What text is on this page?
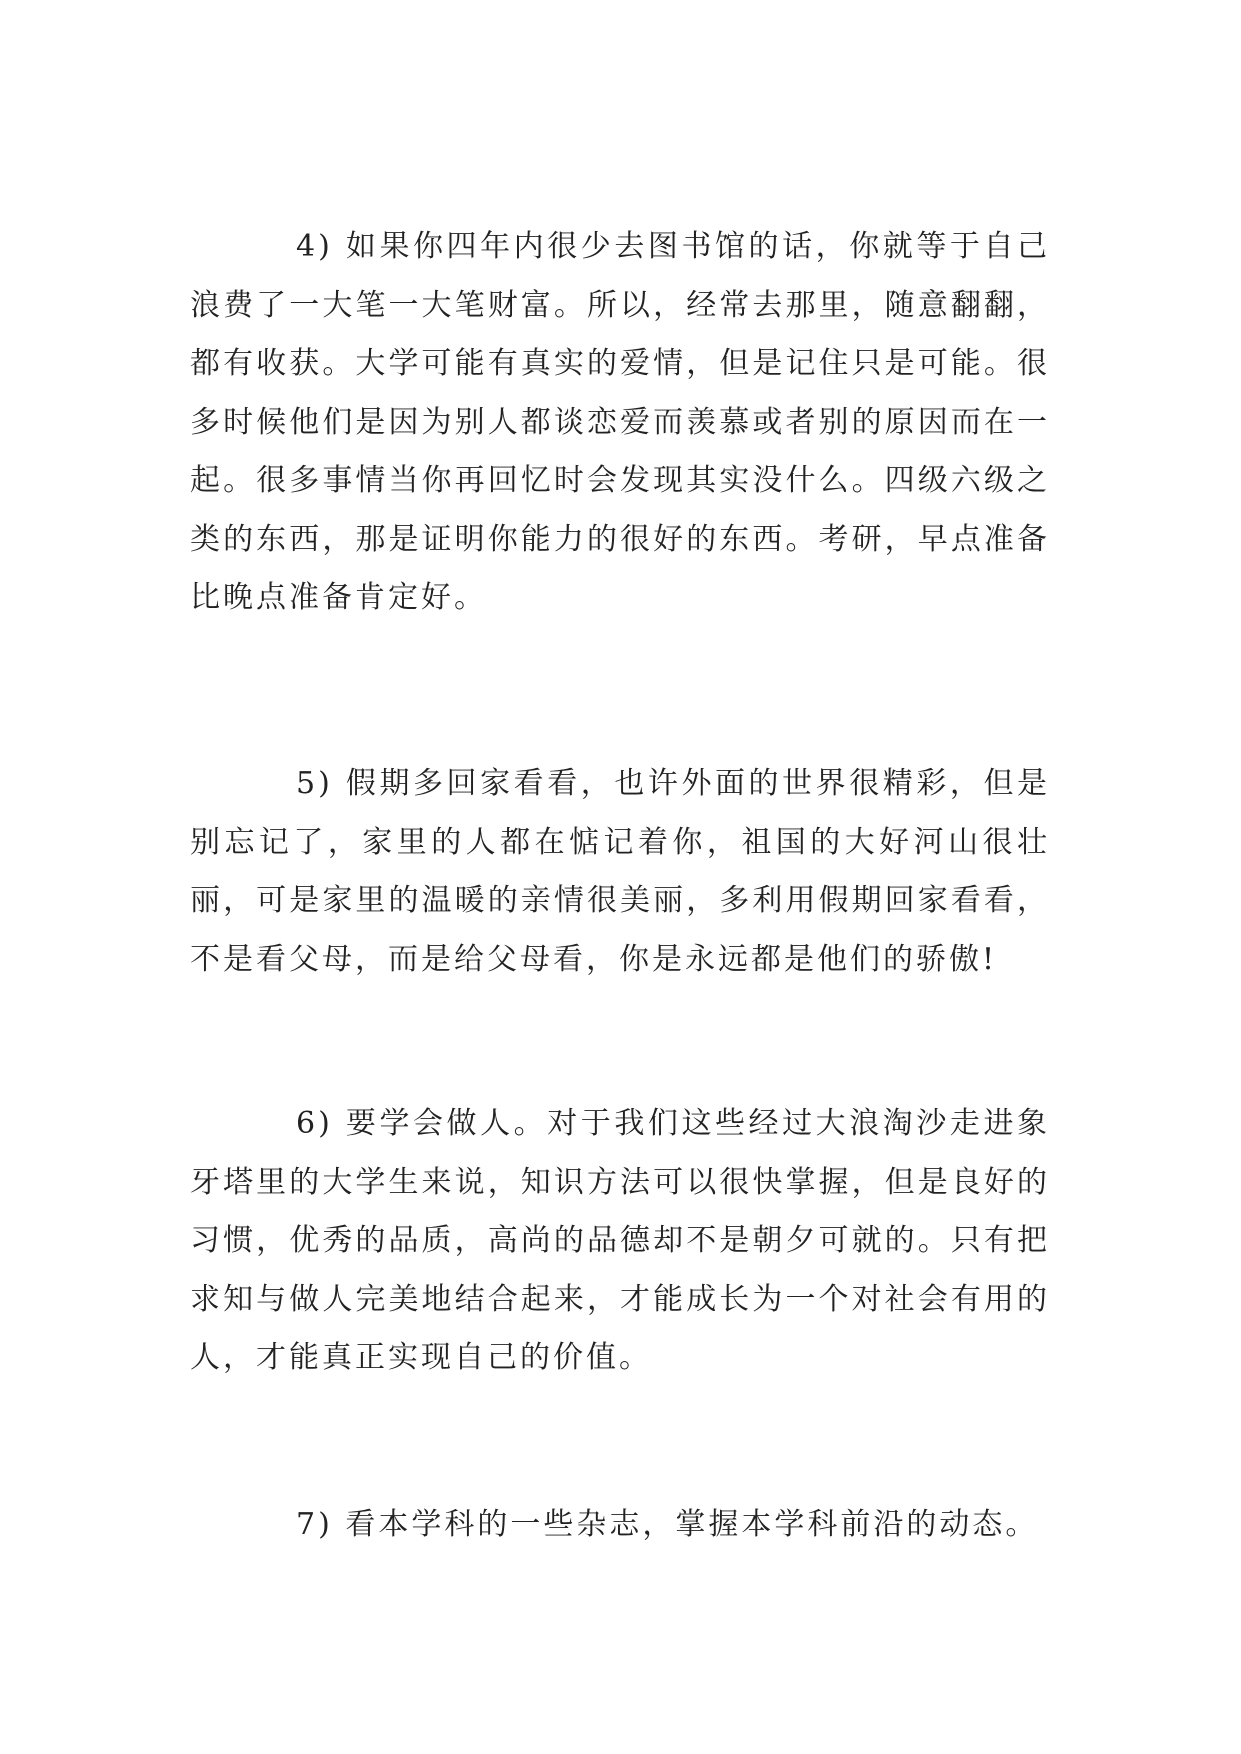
4) 如果你四年内很少去图书馆的话，你就等于自己浪费了一大笔一大笔财富。所以，经常去那里，随意翻翻，都有收获。大学可能有真实的爱情，但是记住只是可能。很多时候他们是因为别人都谈恋爱而羡慕或者别的原因而在一起。很多事情当你再回忆时会发现其实没什么。四级六级之类的东西，那是证明你能力的很好的东西。考研，早点准备比晚点准备肯定好。

5) 假期多回家看看，也许外面的世界很精彩，但是别忘记了，家里的人都在惦记着你，祖国的大好河山很壮丽，可是家里的温暖的亲情很美丽，多利用假期回家看看，不是看父母，而是给父母看，你是永远都是他们的骄傲!

6) 要学会做人。对于我们这些经过大浪淘沙走进象牙塔里的大学生来说，知识方法可以很快掌握，但是良好的习惯，优秀的品质，高尚的品德却不是朝夕可就的。只有把求知与做人完美地结合起来，才能成长为一个对社会有用的人，才能真正实现自己的价值。

7) 看本学科的一些杂志，掌握本学科前沿的动态。
